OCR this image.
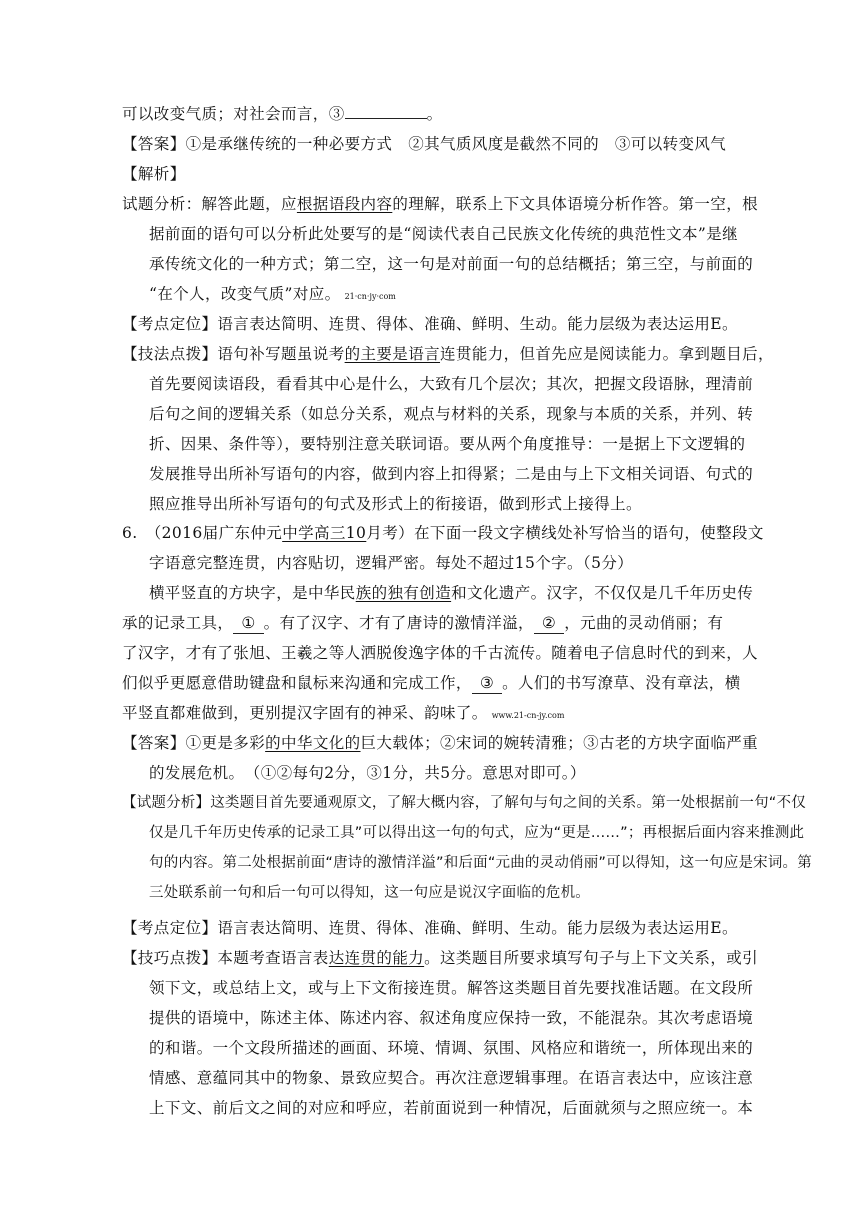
可以改变气质；对社会而言，③	。
【答案】①是承继传统的一种必要方式　②其气质风度是截然不同的　③可以转变风气
【解析】
试题分析：解答此题，应根据语段内容的理解，联系上下文具体语境分析作答。第一空，根
据前面的语句可以分析此处要写的是“阅读代表自己民族文化传统的典范性文本”是继
承传统文化的一种方式；第二空，这一句是对前面一句的总结概括；第三空，与前面的
“在个人，改变气质”对应。 21·cn·jy·com
【考点定位】语言表达简明、连贯、得体、准确、鲜明、生动。能力层级为表达运用E。
【技法点拨】语句补写题虽说考的主要是语言连贯能力，但首先应是阅读能力。拿到题目后，
首先要阅读语段，看看其中心是什么，大致有几个层次；其次，把握文段语脉，理清前
后句之间的逻辑关系（如总分关系，观点与材料的关系，现象与本质的关系，并列、转
折、因果、条件等），要特别注意关联词语。要从两个角度推导：一是据上下文逻辑的
发展推导出所补写语句的内容，做到内容上扣得紧；二是由与上下文相关词语、句式的
照应推导出所补写语句的句式及形式上的衔接语，做到形式上接得上。
6.　（2016届广东仲元中学高三10月考）在下面一段文字横线处补写恰当的语句，使整段文
字语意完整连贯，内容贴切，逻辑严密。每处不超过15个字。（5分）
横平竖直的方块字，是中华民族的独有创造和文化遗产。汉字，不仅仅是几千年历史传
承的记录工具， ① 。有了汉字、才有了唐诗的激情洋溢， ② ，元曲的灵动俏丽；有
了汉字，才有了张旭、王羲之等人洒脱俊逸字体的千古流传。随着电子信息时代的到来，人
们似乎更愿意借助键盘和鼠标来沟通和完成工作， ③ 。人们的书写潦草、没有章法，横
平竖直都难做到，更别提汉字固有的神采、韵味了。 www.21-cn-jy.com
【答案】①更是多彩的中华文化的巨大载体；②宋词的婉转清雅；③古老的方块字面临严重
的发展危机。　（①②每句2分，③1分，共5分。意思对即可。）
【试题分析】这类题目首先要通观原文，了解大概内容，了解句与句之间的关系。第一处根据前一句“不仅
仅是几千年历史传承的记录工具”可以得出这一句的句式，应为“更是……”；再根据后面内容来推测此
句的内容。第二处根据前面“唐诗的激情洋溢”和后面“元曲的灵动俏丽”可以得知，这一句应是宋词。第
三处联系前一句和后一句可以得知，这一句应是说汉字面临的危机。
【考点定位】语言表达简明、连贯、得体、准确、鲜明、生动。能力层级为表达运用E。
【技巧点拨】本题考查语言表达连贯的能力。这类题目所要求填写句子与上下文关系，或引
领下文，或总结上文，或与上下文衔接连贯。解答这类题目首先要找准话题。在文段所
提供的语境中，陈述主体、陈述内容、叙述角度应保持一致，不能混杂。其次考虑语境
的和谐。一个文段所描述的画面、环境、情调、氛围、风格应和谐统一，所体现出来的
情感、意蕴同其中的物象、景致应契合。再次注意逻辑事理。在语言表达中，应该注意
上下文、前后文之间的对应和呼应，若前面说到一种情况，后面就须与之照应统一。本
